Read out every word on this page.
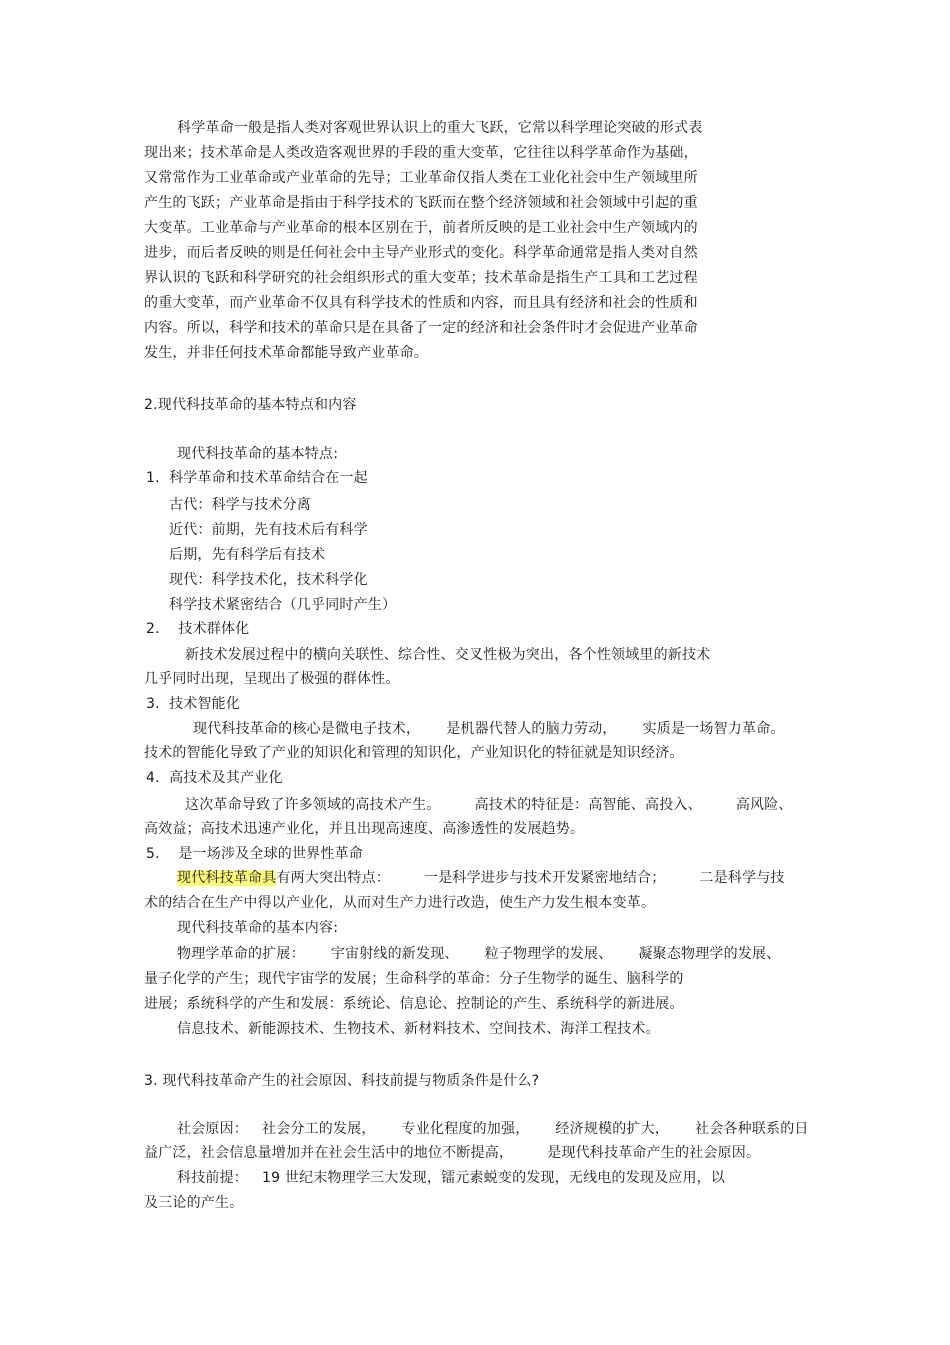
科学革命一般是指人类对客观世界认识上的重大飞跃，它常以科学理论突破的形式表
现出来；技术革命是人类改造客观世界的手段的重大变革，它往往以科学革命作为基础，
又常常作为工业革命或产业革命的先导；工业革命仅指人类在工业化社会中生产领域里所
产生的飞跃；产业革命是指由于科学技术的飞跃而在整个经济领域和社会领域中引起的重
大变革。工业革命与产业革命的根本区别在于，前者所反映的是工业社会中生产领域内的
进步，而后者反映的则是任何社会中主导产业形式的变化。科学革命通常是指人类对自然
界认识的飞跃和科学研究的社会组织形式的重大变革；技术革命是指生产工具和工艺过程
的重大变革，而产业革命不仅具有科学技术的性质和内容，而且具有经济和社会的性质和
内容。所以，科学和技术的革命只是在具备了一定的经济和社会条件时才会促进产业革命
发生，并非任何技术革命都能导致产业革命。
2.现代科技革命的基本特点和内容
现代科技革命的基本特点:
1. 科学革命和技术革命结合在一起
古代：科学与技术分离
近代：前期，先有技术后有科学
后期，先有科学后有技术
现代：科学技术化，技术科学化
科学技术紧密结合（几乎同时产生）
2. 技术群体化
新技术发展过程中的横向关联性、综合性、交叉性极为突出，各个性领域里的新技术
几乎同时出现，呈现出了极强的群体性。
3. 技术智能化
现代科技革命的核心是微电子技术， 是机器代替人的脑力劳动， 实质是一场智力革命。
技术的智能化导致了产业的知识化和管理的知识化，产业知识化的特征就是知识经济。
4. 高技术及其产业化
这次革命导致了许多领域的高技术产生。 高技术的特征是：高智能、高投入、 高风险、
高效益；高技术迅速产业化，并且出现高速度、高渗透性的发展趋势。
5. 是一场涉及全球的世界性革命
现代科技革命具有两大突出特点： 一是科学进步与技术开发紧密地结合； 二是科学与技
术的结合在生产中得以产业化，从而对生产力进行改造，使生产力发生根本变革。
现代科技革命的基本内容:
物理学革命的扩展： 宇宙射线的新发现、 粒子物理学的发展、 凝聚态物理学的发展、
量子化学的产生；现代宇宙学的发展；生命科学的革命：分子生物学的诞生、脑科学的
进展；系统科学的产生和发展：系统论、信息论、控制论的产生、系统科学的新进展。
信息技术、新能源技术、生物技术、新材料技术、空间技术、海洋工程技术。
3. 现代科技革命产生的社会原因、科技前提与物质条件是什么?
社会原因： 社会分工的发展， 专业化程度的加强， 经济规模的扩大， 社会各种联系的日
益广泛，社会信息量增加并在社会生活中的地位不断提高， 是现代科技革命产生的社会原因。
科技前提： 19 世纪末物理学三大发现，镭元素蜕变的发现，无线电的发现及应用，以
及三论的产生。
